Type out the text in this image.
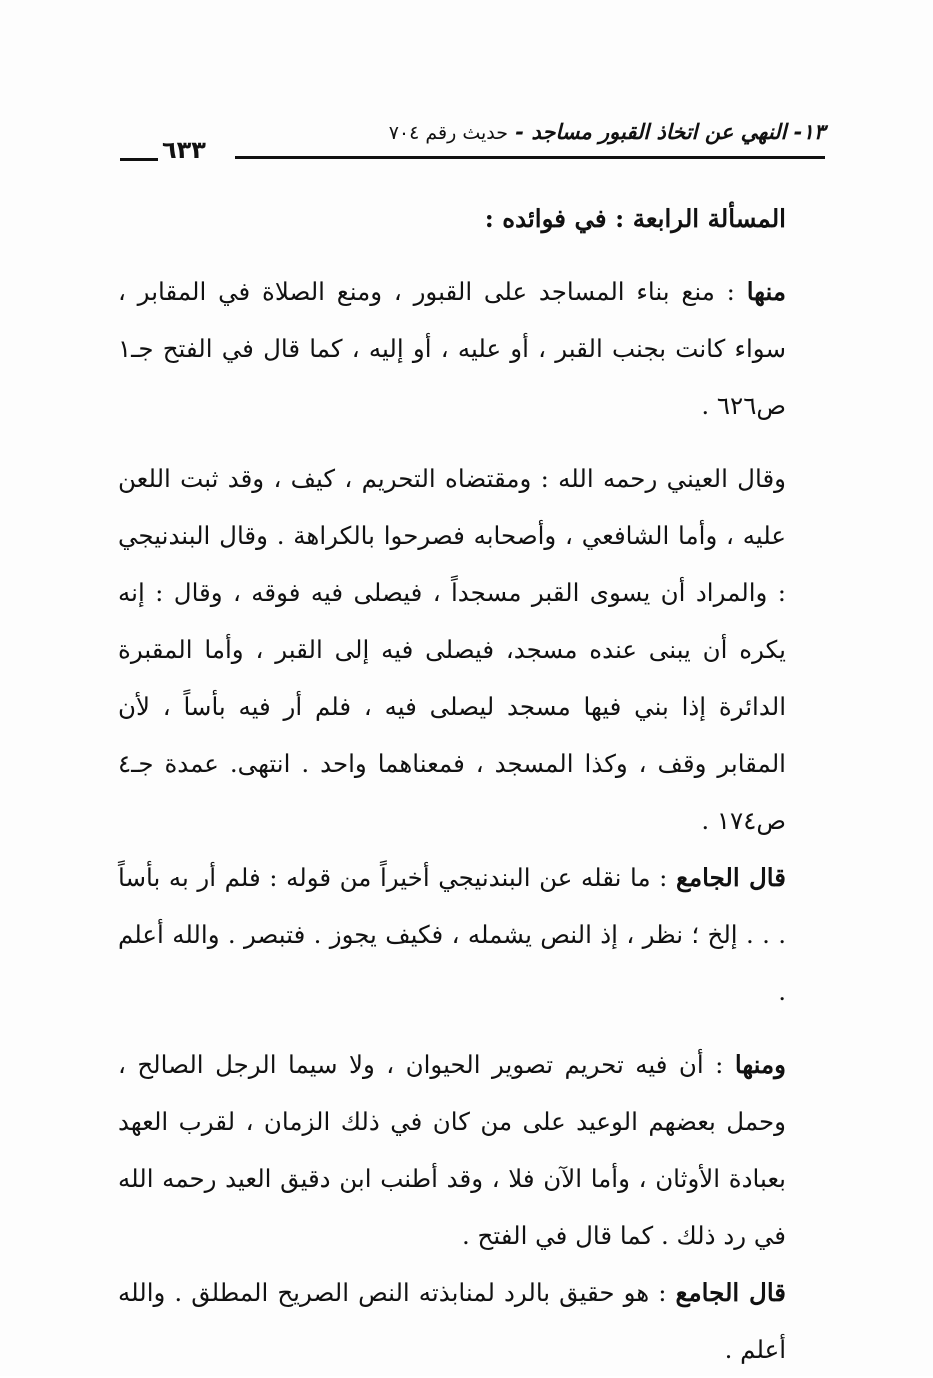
١٣- النهي عن اتخاذ القبور مساجد - حديث رقم ٧٠٤
٦٣٣

المسألة الرابعة : في فوائده :

منها : منع بناء المساجد على القبور ، ومنع الصلاة في المقابر ، سواء كانت بجنب القبر ، أو عليه ، أو إليه ، كما قال في الفتح جـ١ ص٦٢٦ .

وقال العيني رحمه الله : ومقتضاه التحريم ، كيف ، وقد ثبت اللعن عليه ، وأما الشافعي ، وأصحابه فصرحوا بالكراهة . وقال البندنيجي : والمراد أن يسوى القبر مسجداً ، فيصلى فيه فوقه ، وقال : إنه يكره أن يبنى عنده مسجد، فيصلى فيه إلى القبر ، وأما المقبرة الدائرة إذا بني فيها مسجد ليصلى فيه ، فلم أر فيه بأساً ، لأن المقابر وقف ، وكذا المسجد ، فمعناهما واحد . انتهى. عمدة جـ٤ ص١٧٤ .

قال الجامع : ما نقله عن البندنيجي أخيراً من قوله : فلم أر به بأساً . . . إلخ ؛ نظر ، إذ النص يشمله ، فكيف يجوز . فتبصر . والله أعلم .

ومنها : أن فيه تحريم تصوير الحيوان ، ولا سيما الرجل الصالح ، وحمل بعضهم الوعيد على من كان في ذلك الزمان ، لقرب العهد بعبادة الأوثان ، وأما الآن فلا ، وقد أطنب ابن دقيق العيد رحمه الله في رد ذلك . كما قال في الفتح .

قال الجامع : هو حقيق بالرد لمنابذته النص الصريح المطلق . والله أعلم .
